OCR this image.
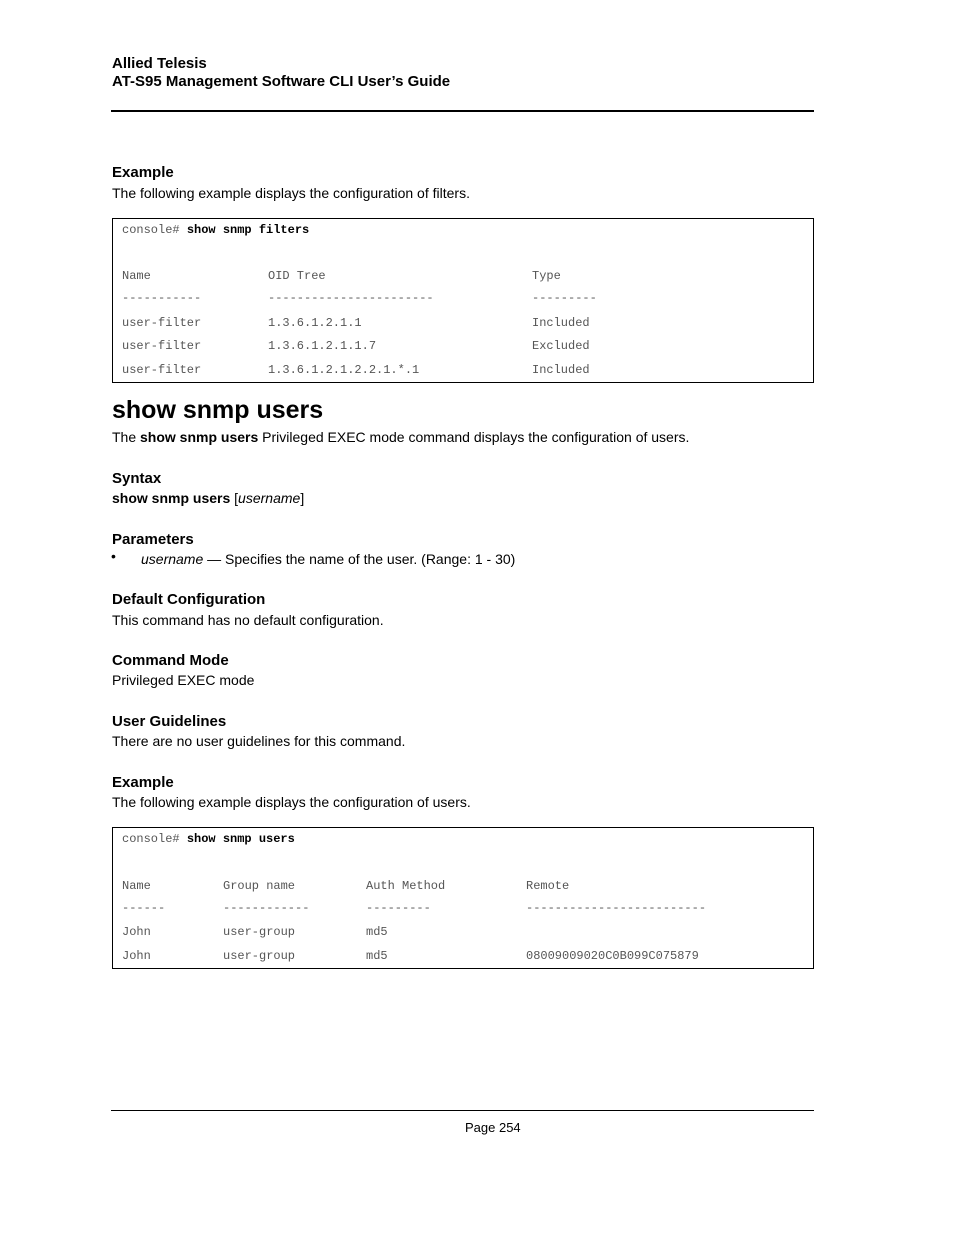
Allied Telesis
AT-S95 Management Software CLI User’s Guide
Example
The following example displays the configuration of filters.
console# show snmp filters
Name	OID Tree	Type
-----------	-----------------------	---------
user-filter	1.3.6.1.2.1.1	Included
user-filter	1.3.6.1.2.1.1.7	Excluded
user-filter	1.3.6.1.2.1.2.2.1.*.1	Included
show snmp users
The show snmp users Privileged EXEC mode command displays the configuration of users.
Syntax
show snmp users [username]
Parameters
• username — Specifies the name of the user. (Range: 1 - 30)
Default Configuration
This command has no default configuration.
Command Mode
Privileged EXEC mode
User Guidelines
There are no user guidelines for this command.
Example
The following example displays the configuration of users.
console# show snmp users
Name	Group name	Auth Method	Remote
------	------------	---------	-------------------------
John	user-group	md5
John	user-group	md5	08009009020C0B099C075879
Page 254
